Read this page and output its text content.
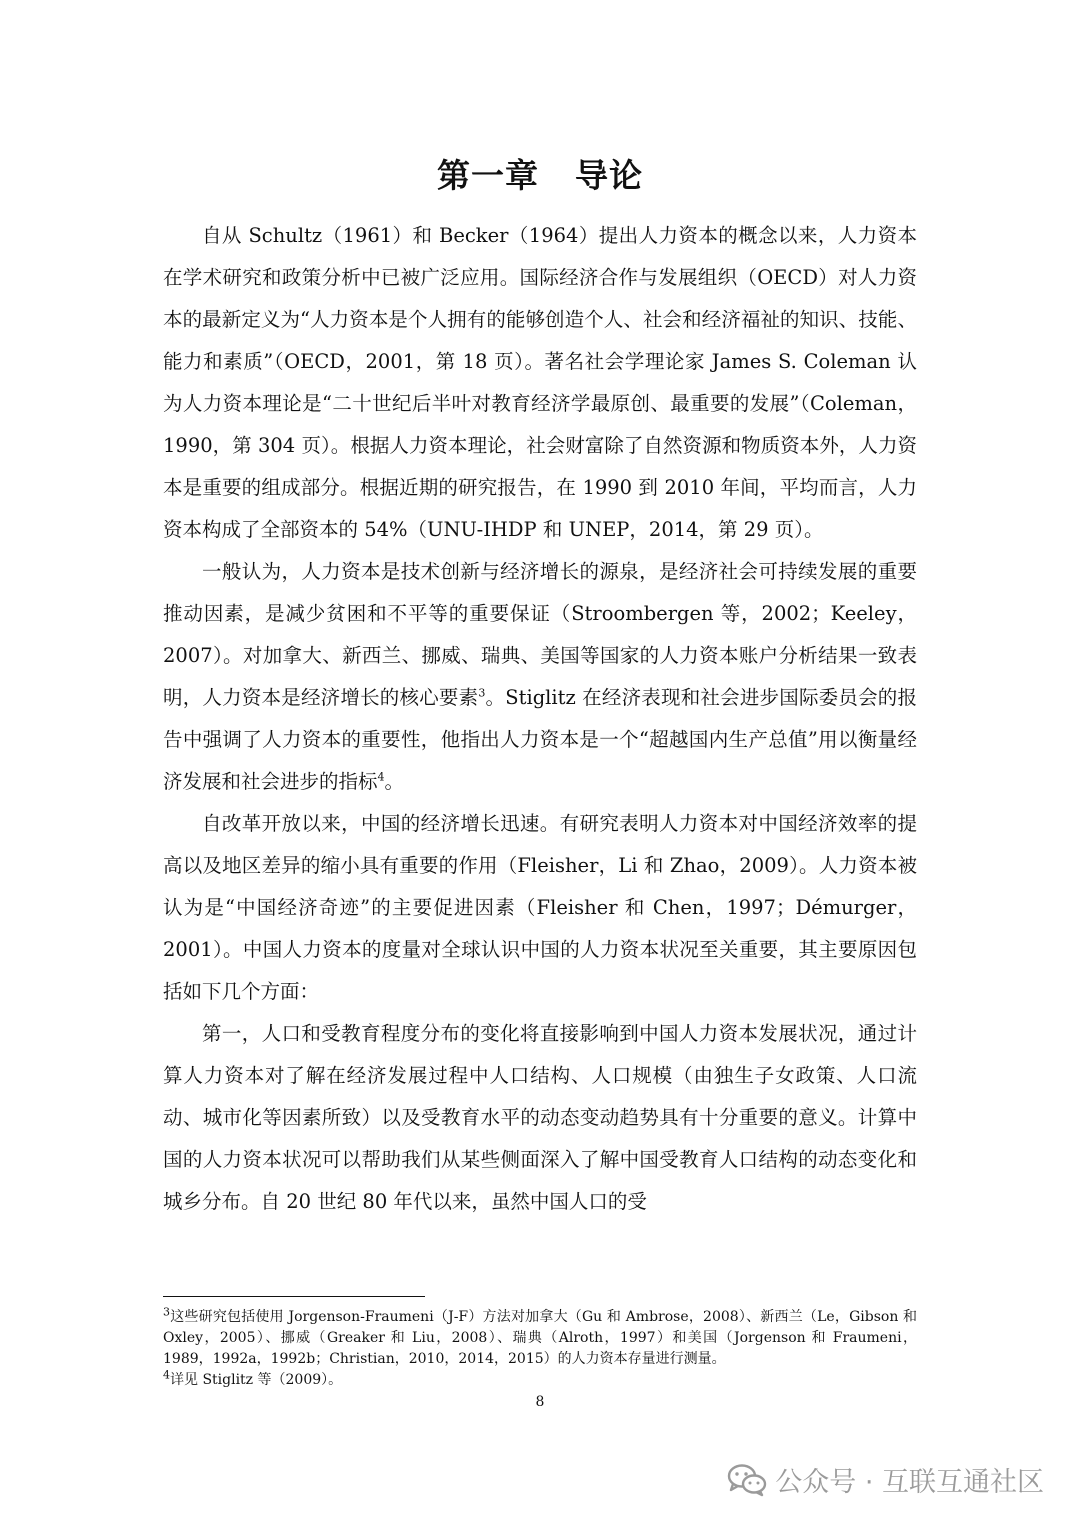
第一章 导论

自从 Schultz（1961）和 Becker（1964）提出人力资本的概念以来，人力资本在学术研究和政策分析中已被广泛应用。国际经济合作与发展组织（OECD）对人力资本的最新定义为“人力资本是个人拥有的能够创造个人、社会和经济福祉的知识、技能、能力和素质”（OECD，2001，第 18 页）。著名社会学理论家 James S. Coleman 认为人力资本理论是“二十世纪后半叶对教育经济学最原创、最重要的发展”（Coleman，1990，第 304 页）。根据人力资本理论，社会财富除了自然资源和物质资本外，人力资本是重要的组成部分。根据近期的研究报告，在 1990 到 2010 年间，平均而言，人力资本构成了全部资本的 54%（UNU-IHDP 和 UNEP，2014，第 29 页）。

一般认为，人力资本是技术创新与经济增长的源泉，是经济社会可持续发展的重要推动因素，是减少贫困和不平等的重要保证（Stroombergen 等，2002；Keeley，2007）。对加拿大、新西兰、挪威、瑞典、美国等国家的人力资本账户分析结果一致表明，人力资本是经济增长的核心要素$^3$。Stiglitz 在经济表现和社会进步国际委员会的报告中强调了人力资本的重要性，他指出人力资本是一个“超越国内生产总值”用以衡量经济发展和社会进步的指标$^4$。

自改革开放以来，中国的经济增长迅速。有研究表明人力资本对中国经济效率的提高以及地区差异的缩小具有重要的作用（Fleisher，Li 和 Zhao，2009）。人力资本被认为是“中国经济奇迹”的主要促进因素（Fleisher 和 Chen，1997；Démurger，2001）。中国人力资本的度量对全球认识中国的人力资本状况至关重要，其主要原因包括如下几个方面：

第一，人口和受教育程度分布的变化将直接影响到中国人力资本发展状况，通过计算人力资本对了解在经济发展过程中人口结构、人口规模（由独生子女政策、人口流动、城市化等因素所致）以及受教育水平的动态变动趋势具有十分重要的意义。计算中国的人力资本状况可以帮助我们从某些侧面深入了解中国受教育人口结构的动态变化和城乡分布。自 20 世纪 80 年代以来，虽然中国人口的受

$^3$这些研究包括使用 Jorgenson-Fraumeni（J-F）方法对加拿大（Gu 和 Ambrose，2008）、新西兰（Le，Gibson 和 Oxley，2005）、挪威（Greaker 和 Liu，2008）、瑞典（Alroth，1997）和美国（Jorgenson 和 Fraumeni，1989，1992a，1992b；Christian，2010，2014，2015）的人力资本存量进行测量。

$^4$详见 Stiglitz 等（2009）。

8
公众号 · 互联互通社区
